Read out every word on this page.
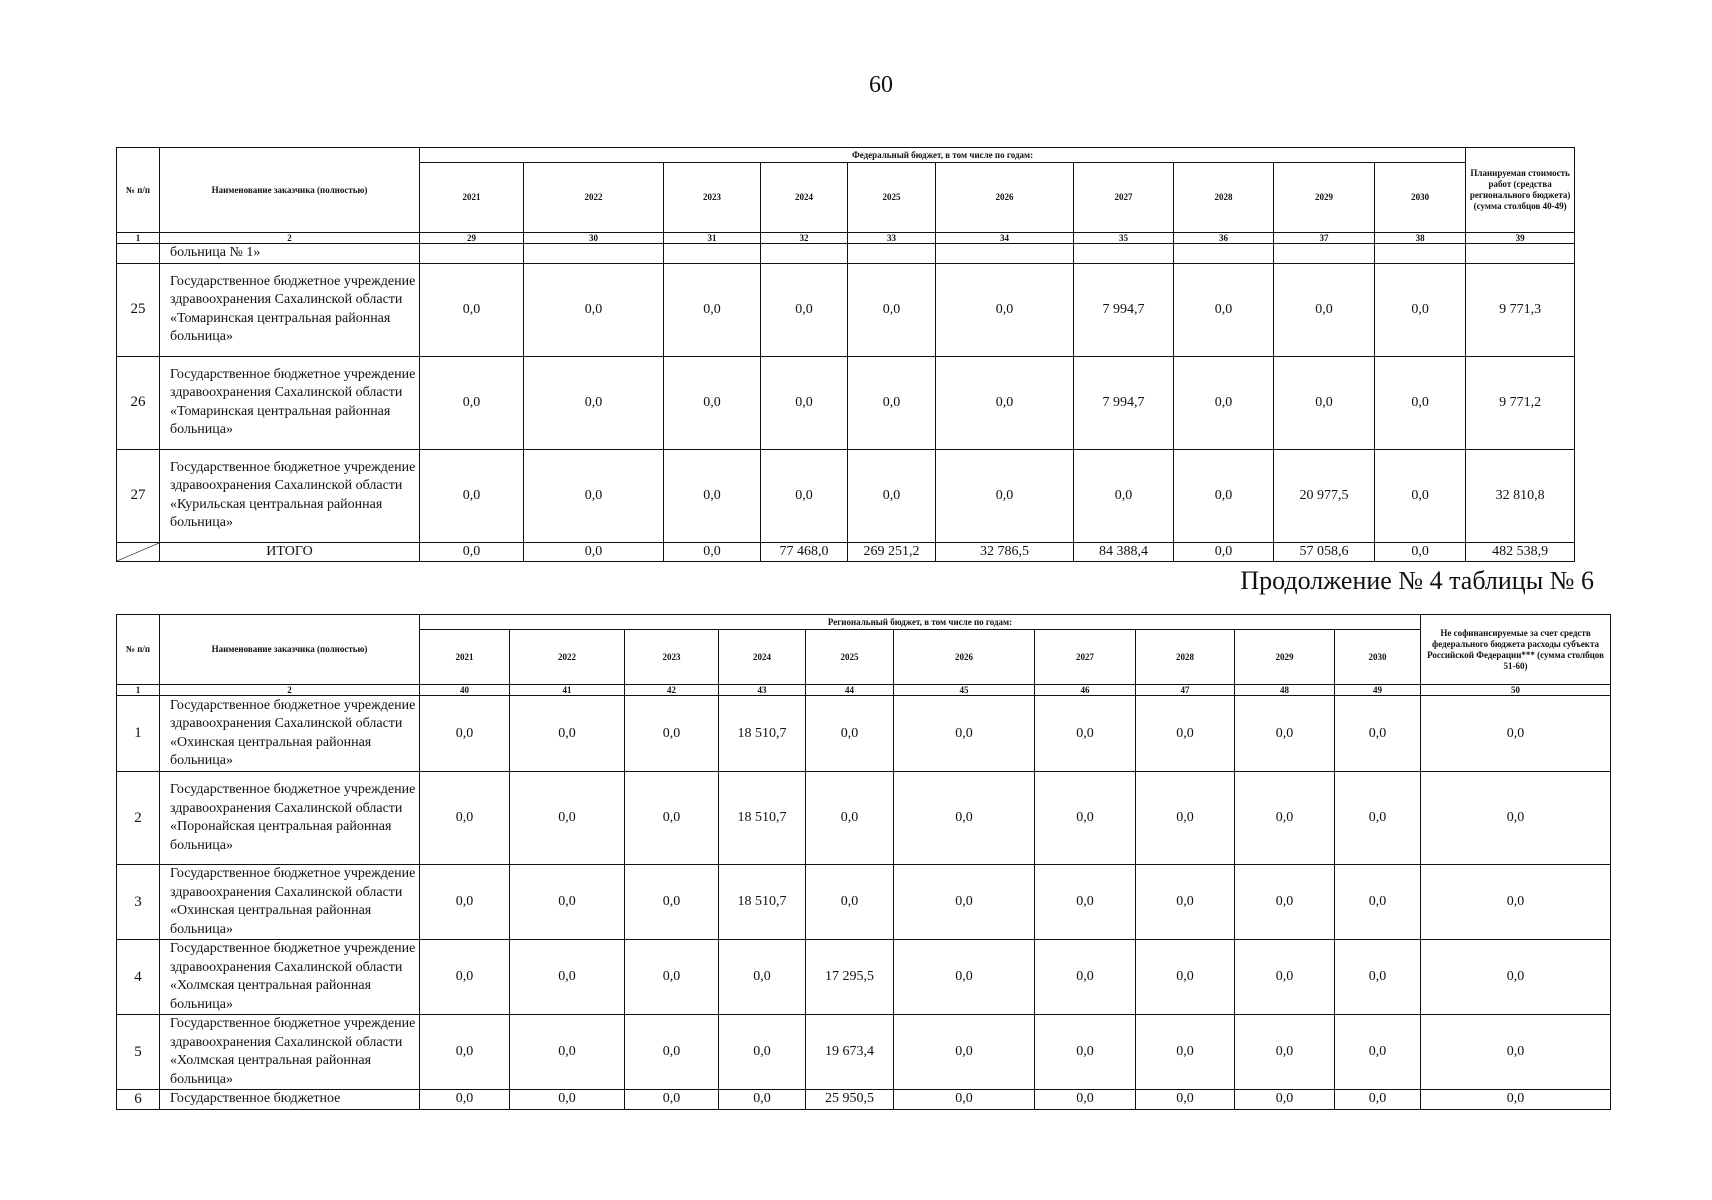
60
№ п/п	Наименование заказчика (полностью)	Федеральный бюджет, в том числе по годам:										Планируемая стоимость работ (средства регионального бюджета) (сумма столбцов 40-49)
		2021	2022	2023	2024	2025	2026	2027	2028	2029	2030	
1	2	29	30	31	32	33	34	35	36	37	38	39
	больница № 1»											
25	Государственное бюджетное учреждение здравоохранения Сахалинской области «Томаринская центральная районная больница»	0,0	0,0	0,0	0,0	0,0	0,0	7 994,7	0,0	0,0	0,0	9 771,3
26	Государственное бюджетное учреждение здравоохранения Сахалинской области «Томаринская центральная районная больница»	0,0	0,0	0,0	0,0	0,0	0,0	7 994,7	0,0	0,0	0,0	9 771,2
27	Государственное бюджетное учреждение здравоохранения Сахалинской области «Курильская центральная районная больница»	0,0	0,0	0,0	0,0	0,0	0,0	0,0	0,0	20 977,5	0,0	32 810,8

	ИТОГО	0,0	0,0	0,0	77 468,0	269 251,2	32 786,5	84 388,4	0,0	57 058,6	0,0	482 538,9
Продолжение № 4 таблицы № 6
№ п/п	Наименование заказчика (полностью)	Региональный бюджет, в том числе по годам:										Не софинансируемые за счет средств федерального бюджета расходы субъекта Российской Федерации*** (сумма столбцов 51-60)
		2021	2022	2023	2024	2025	2026	2027	2028	2029	2030	
1	2	40	41	42	43	44	45	46	47	48	49	50
1	Государственное бюджетное учреждение здравоохранения Сахалинской области «Охинская центральная районная больница»	0,0	0,0	0,0	18 510,7	0,0	0,0	0,0	0,0	0,0	0,0	0,0
2	Государственное бюджетное учреждение здравоохранения Сахалинской области «Поронайская центральная районная больница»	0,0	0,0	0,0	18 510,7	0,0	0,0	0,0	0,0	0,0	0,0	0,0
3	Государственное бюджетное учреждение здравоохранения Сахалинской области «Охинская центральная районная больница»	0,0	0,0	0,0	18 510,7	0,0	0,0	0,0	0,0	0,0	0,0	0,0
4	Государственное бюджетное учреждение здравоохранения Сахалинской области «Холмская центральная районная больница»	0,0	0,0	0,0	0,0	17 295,5	0,0	0,0	0,0	0,0	0,0	0,0
5	Государственное бюджетное учреждение здравоохранения Сахалинской области «Холмская центральная районная больница»	0,0	0,0	0,0	0,0	19 673,4	0,0	0,0	0,0	0,0	0,0	0,0
6	Государственное бюджетное	0,0	0,0	0,0	0,0	25 950,5	0,0	0,0	0,0	0,0	0,0	0,0
